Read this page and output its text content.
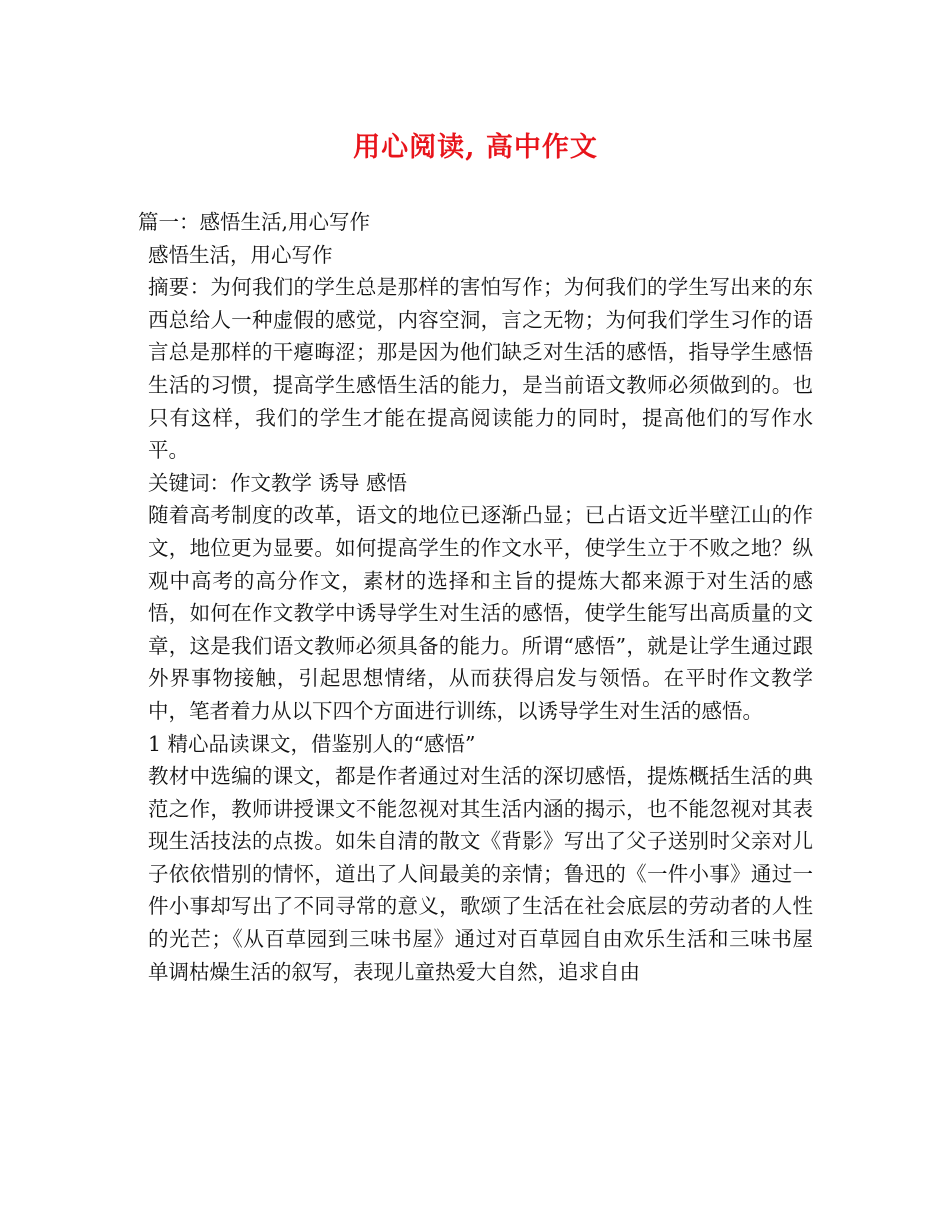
用心阅读, 高中作文

篇一：感悟生活,用心写作

感悟生活，用心写作

摘要：为何我们的学生总是那样的害怕写作；为何我们的学生写出来的东西总给人一种虚假的感觉，内容空洞，言之无物；为何我们学生习作的语言总是那样的干瘪晦涩；那是因为他们缺乏对生活的感悟，指导学生感悟生活的习惯，提高学生感悟生活的能力，是当前语文教师必须做到的。也只有这样，我们的学生才能在提高阅读能力的同时，提高他们的写作水平。

关键词：作文教学 诱导 感悟

随着高考制度的改革，语文的地位已逐渐凸显；已占语文近半壁江山的作文，地位更为显要。如何提高学生的作文水平，使学生立于不败之地？纵观中高考的高分作文，素材的选择和主旨的提炼大都来源于对生活的感悟，如何在作文教学中诱导学生对生活的感悟，使学生能写出高质量的文章，这是我们语文教师必须具备的能力。所谓“感悟”，就是让学生通过跟外界事物接触，引起思想情绪，从而获得启发与领悟。在平时作文教学中，笔者着力从以下四个方面进行训练，以诱导学生对生活的感悟。

1 精心品读课文，借鉴别人的“感悟”

教材中选编的课文，都是作者通过对生活的深切感悟，提炼概括生活的典范之作，教师讲授课文不能忽视对其生活内涵的揭示，也不能忽视对其表现生活技法的点拨。如朱自清的散文《背影》写出了父子送别时父亲对儿子依依惜别的情怀，道出了人间最美的亲情；鲁迅的《一件小事》通过一件小事却写出了不同寻常的意义，歌颂了生活在社会底层的劳动者的人性的光芒；《从百草园到三味书屋》通过对百草园自由欢乐生活和三味书屋单调枯燥生活的叙写，表现儿童热爱大自然，追求自由
